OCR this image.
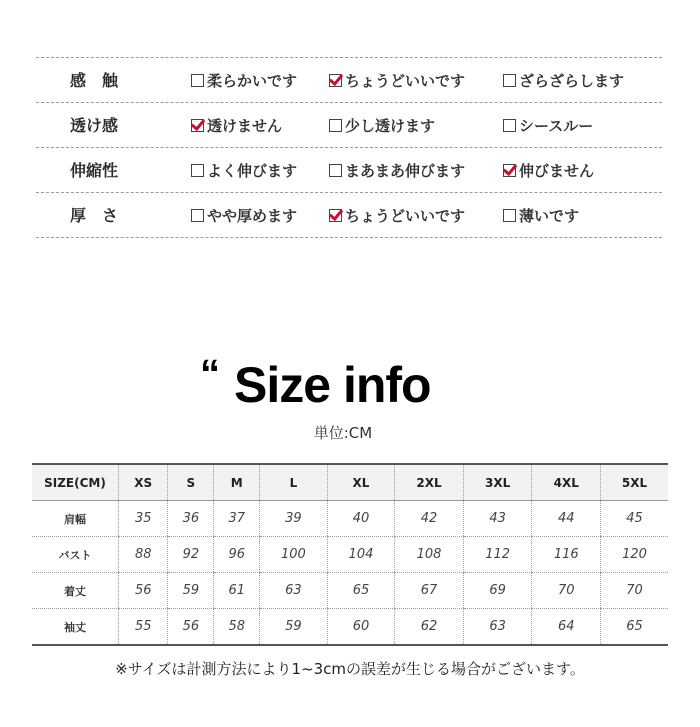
感　触	柔らかいです	ちょうどいいです	ざらざらします
透け感	透けません	少し透けます	シースルー
伸縮性	よく伸びます	まあまあ伸びます	伸びません
厚　さ	やや厚めます	ちょうどいいです	薄いです
“ Size info
単位:CM
SIZE(CM)	XS	S	M	L	XL	2XL	3XL	4XL	5XL
肩幅	35	36	37	39	40	42	43	44	45
バスト	88	92	96	100	104	108	112	116	120
着丈	56	59	61	63	65	67	69	70	70
袖丈	55	56	58	59	60	62	63	64	65
※サイズは計測方法により1~3cmの誤差が生じる場合がございます。
